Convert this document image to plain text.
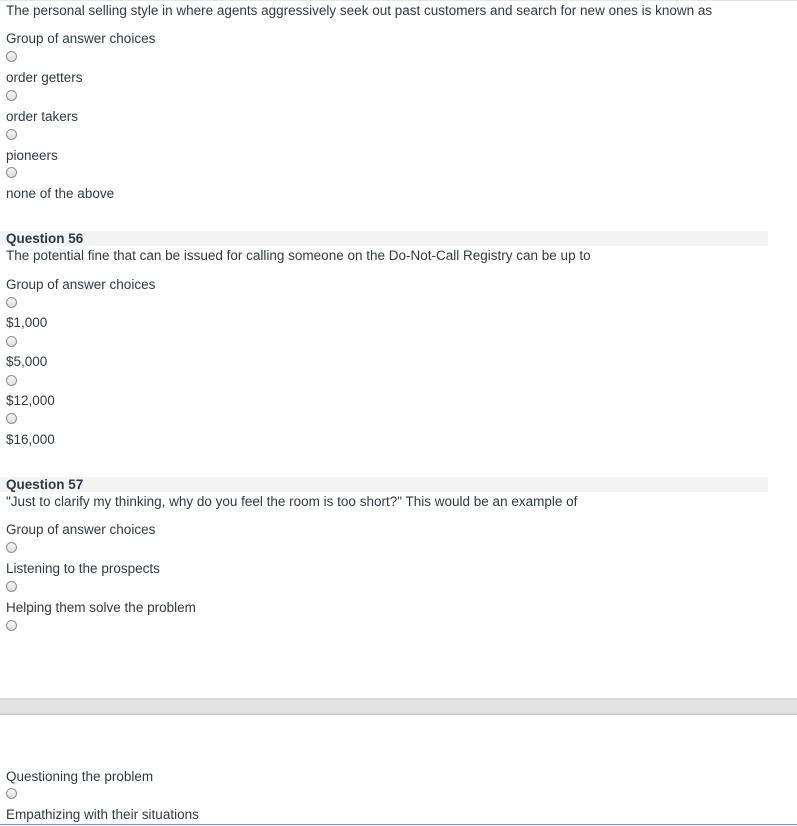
The personal selling style in where agents aggressively seek out past customers and search for new ones is known as
Group of answer choices
order getters
order takers
pioneers
none of the above
Question 56
The potential fine that can be issued for calling someone on the Do-Not-Call Registry can be up to
Group of answer choices
$1,000
$5,000
$12,000
$16,000
Question 57
"Just to clarify my thinking, why do you feel the room is too short?" This would be an example of
Group of answer choices
Listening to the prospects
Helping them solve the problem
Questioning the problem
Empathizing with their situations
